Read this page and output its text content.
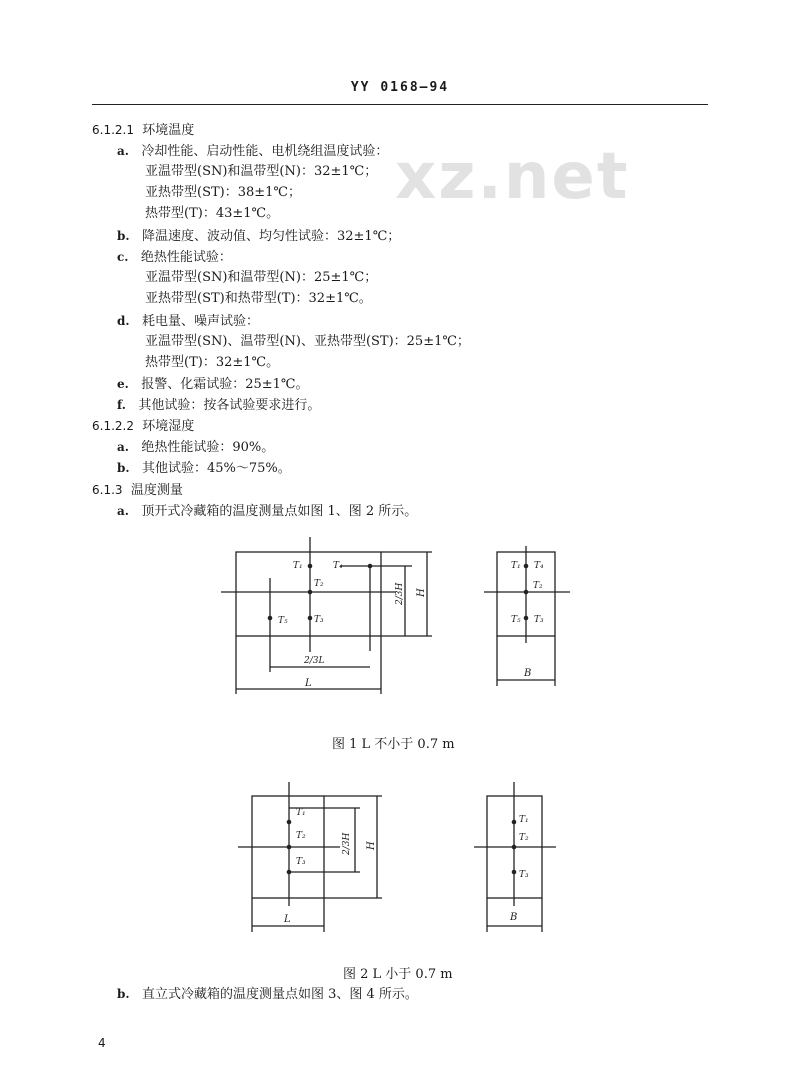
YY 0168—94
xz.net
6.1.2.1 环境温度
a. 冷却性能、启动性能、电机绕组温度试验：
亚温带型(SN)和温带型(N)：32±1℃；
亚热带型(ST)：38±1℃；
热带型(T)：43±1℃。
b. 降温速度、波动值、均匀性试验：32±1℃；
c. 绝热性能试验：
亚温带型(SN)和温带型(N)：25±1℃；
亚热带型(ST)和热带型(T)：32±1℃。
d. 耗电量、噪声试验：
亚温带型(SN)、温带型(N)、亚热带型(ST)：25±1℃；
热带型(T)：32±1℃。
e. 报警、化霜试验：25±1℃。
f. 其他试验：按各试验要求进行。
6.1.2.2 环境湿度
a. 绝热性能试验：90%。
b. 其他试验：45%～75%。
6.1.3 温度测量
a. 顶开式冷藏箱的温度测量点如图 1、图 2 所示。
T₁	T₄
T₂
T₃
T₅
2/3L
L
2/3H H
T₁ T₄
T₂
T₅ T₃
B
T₁
T₂
T₃
L
2/3H H
T₁
T₂
T₃
B
图 1 L 不小于 0.7 m
图 2 L 小于 0.7 m
b. 直立式冷藏箱的温度测量点如图 3、图 4 所示。
4
